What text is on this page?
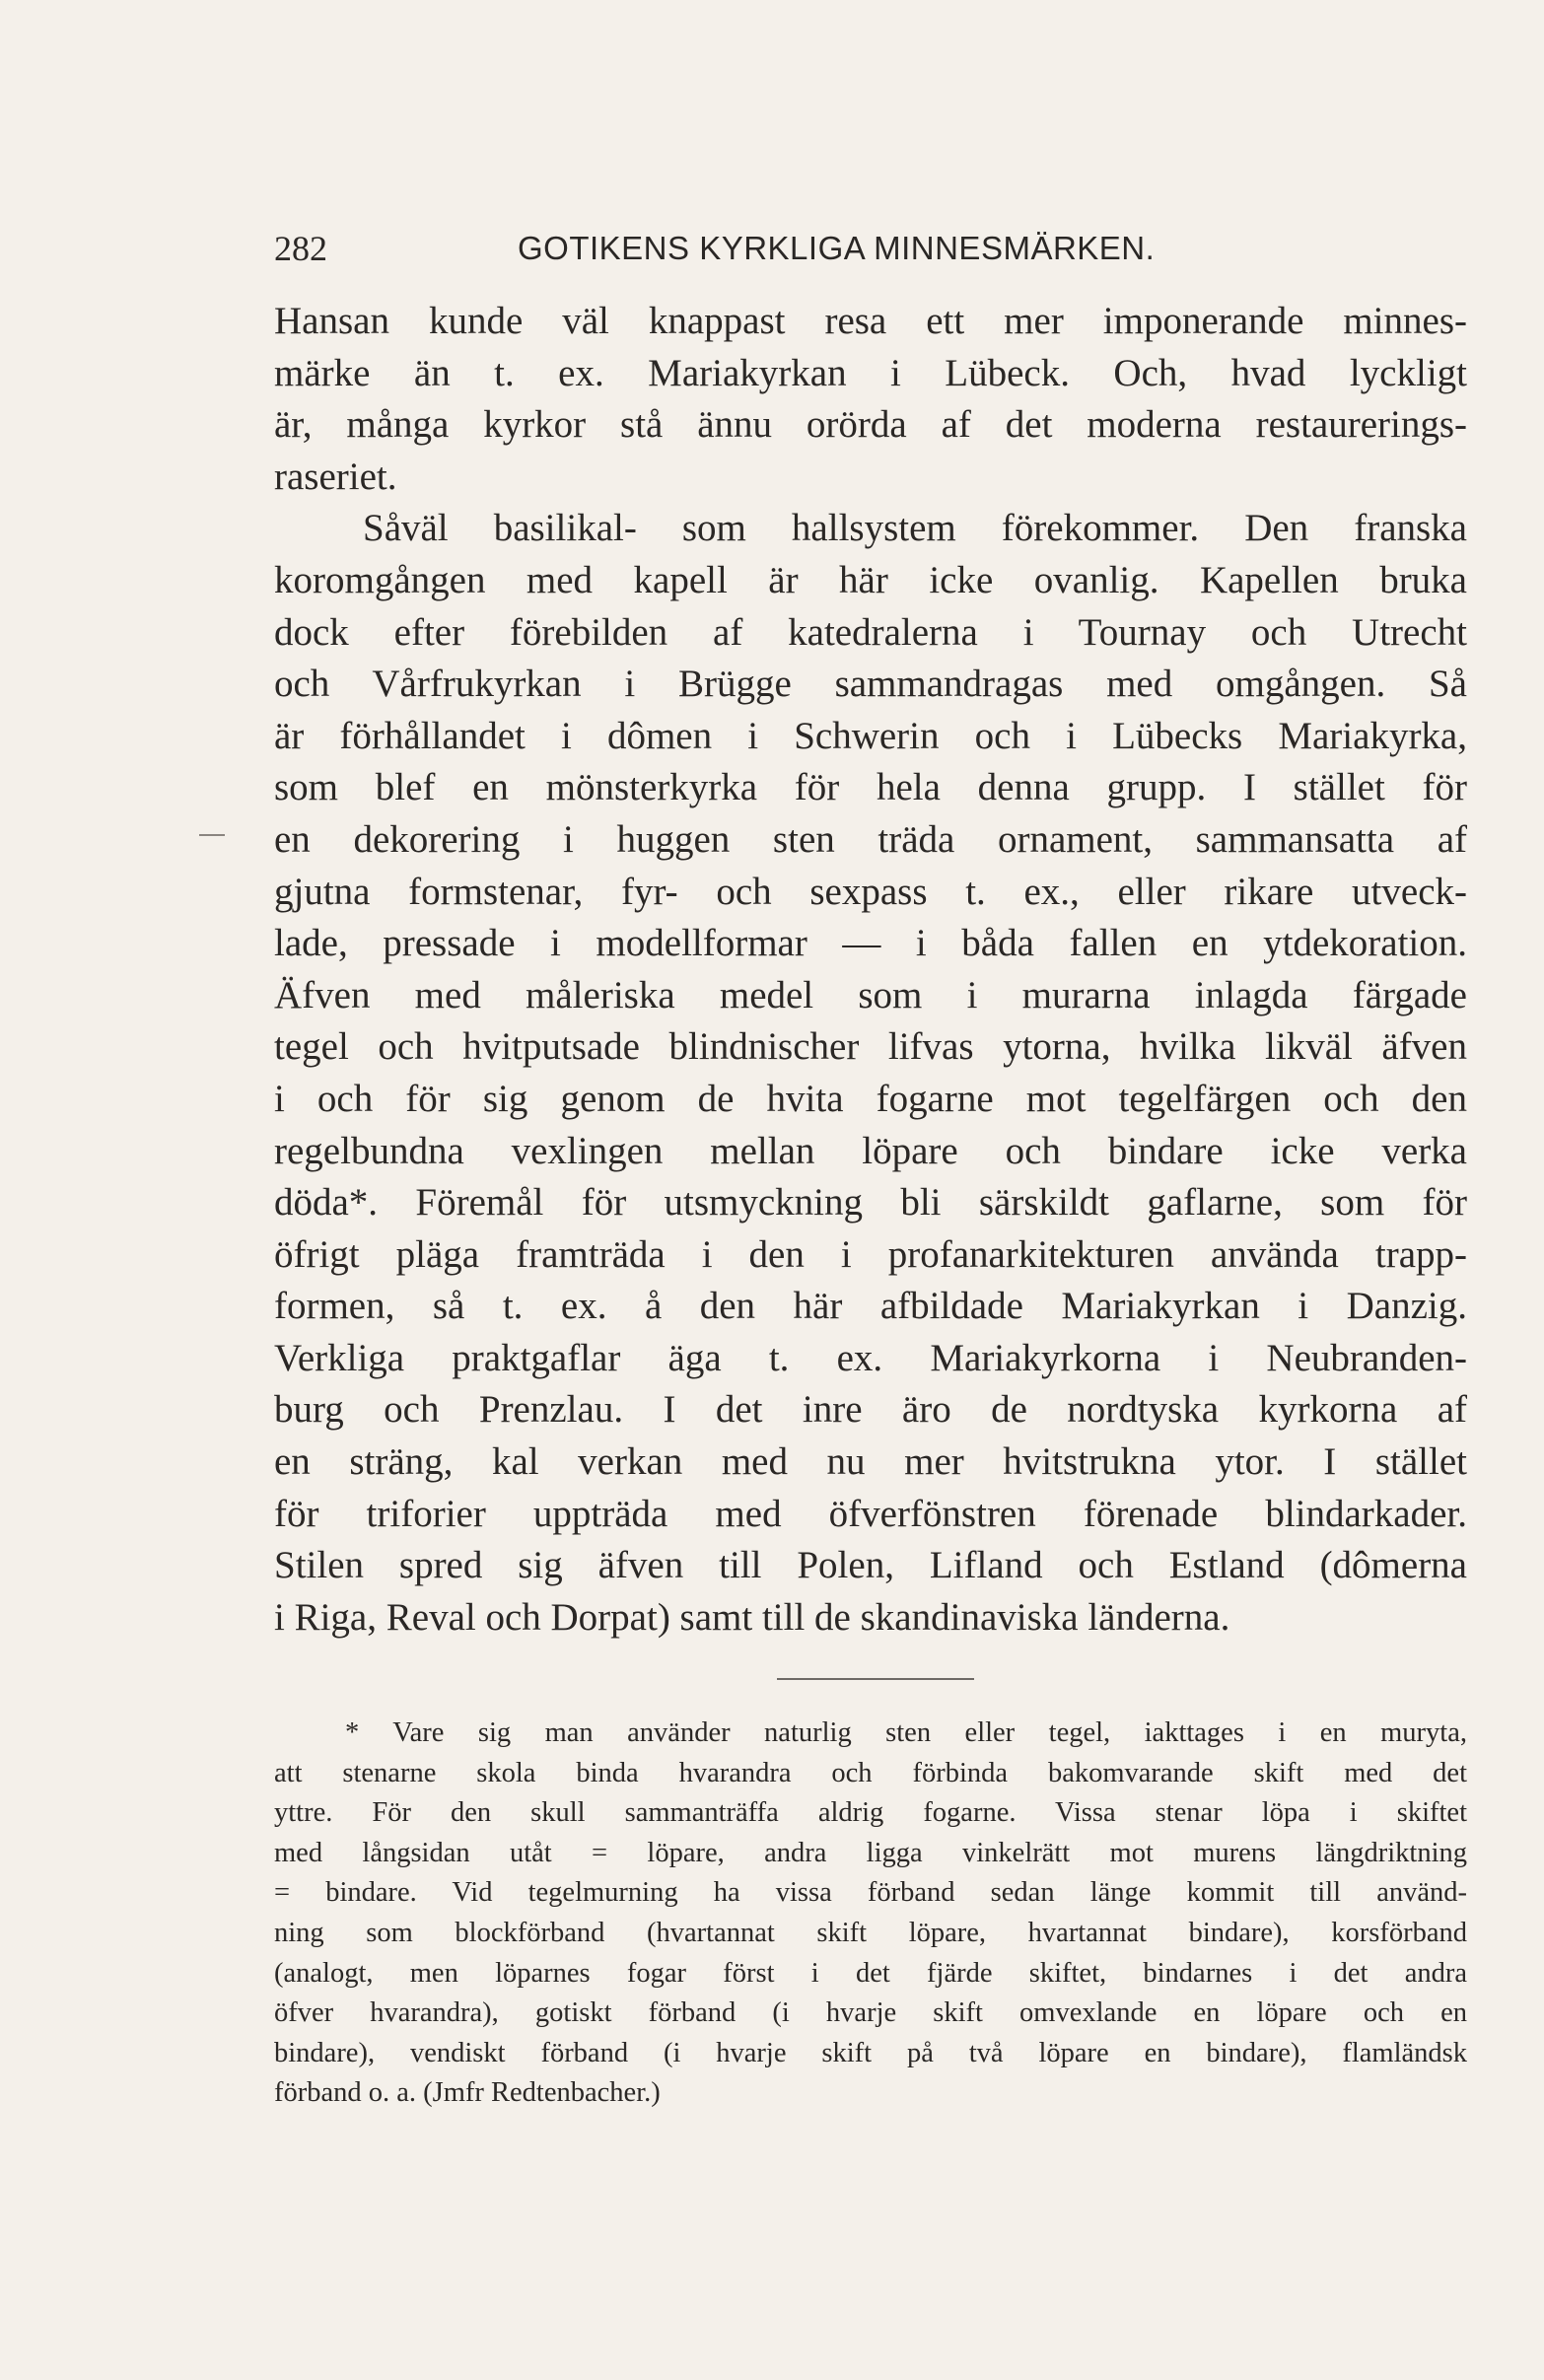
282	GOTIKENS KYRKLIGA MINNESMÄRKEN.
Hansan kunde väl knappast resa ett mer imponerande minnes-
märke än t. ex. Mariakyrkan i Lübeck. Och, hvad lyckligt
är, många kyrkor stå ännu orörda af det moderna restaurerings-
raseriet.
Såväl basilikal- som hallsystem förekommer. Den franska
koromgången med kapell är här icke ovanlig. Kapellen bruka
dock efter förebilden af katedralerna i Tournay och Utrecht
och Vårfrukyrkan i Brügge sammandragas med omgången. Så
är förhållandet i dômen i Schwerin och i Lübecks Mariakyrka,
som blef en mönsterkyrka för hela denna grupp. I stället för
en dekorering i huggen sten träda ornament, sammansatta af
gjutna formstenar, fyr- och sexpass t. ex., eller rikare utveck-
lade, pressade i modellformar — i båda fallen en ytdekoration.
Äfven med måleriska medel som i murarna inlagda färgade
tegel och hvitputsade blindnischer lifvas ytorna, hvilka likväl äfven
i och för sig genom de hvita fogarne mot tegelfärgen och den
regelbundna vexlingen mellan löpare och bindare icke verka
döda*. Föremål för utsmyckning bli särskildt gaflarne, som för
öfrigt pläga framträda i den i profanarkitekturen använda trapp-
formen, så t. ex. å den här afbildade Mariakyrkan i Danzig.
Verkliga praktgaflar äga t. ex. Mariakyrkorna i Neubranden-
burg och Prenzlau. I det inre äro de nordtyska kyrkorna af
en sträng, kal verkan med nu mer hvitstrukna ytor. I stället
för triforier uppträda med öfverfönstren förenade blindarkader.
Stilen spred sig äfven till Polen, Lifland och Estland (dômerna
i Riga, Reval och Dorpat) samt till de skandinaviska länderna.
* Vare sig man använder naturlig sten eller tegel, iakttages i en muryta,
att stenarne skola binda hvarandra och förbinda bakomvarande skift med det
yttre. För den skull sammanträffa aldrig fogarne. Vissa stenar löpa i skiftet
med långsidan utåt = löpare, andra ligga vinkelrätt mot murens längdriktning
= bindare. Vid tegelmurning ha vissa förband sedan länge kommit till använd-
ning som blockförband (hvartannat skift löpare, hvartannat bindare), korsförband
(analogt, men löparnes fogar först i det fjärde skiftet, bindarnes i det andra
öfver hvarandra), gotiskt förband (i hvarje skift omvexlande en löpare och en
bindare), vendiskt förband (i hvarje skift på två löpare en bindare), flamländsk
förband o. a. (Jmfr Redtenbacher.)
